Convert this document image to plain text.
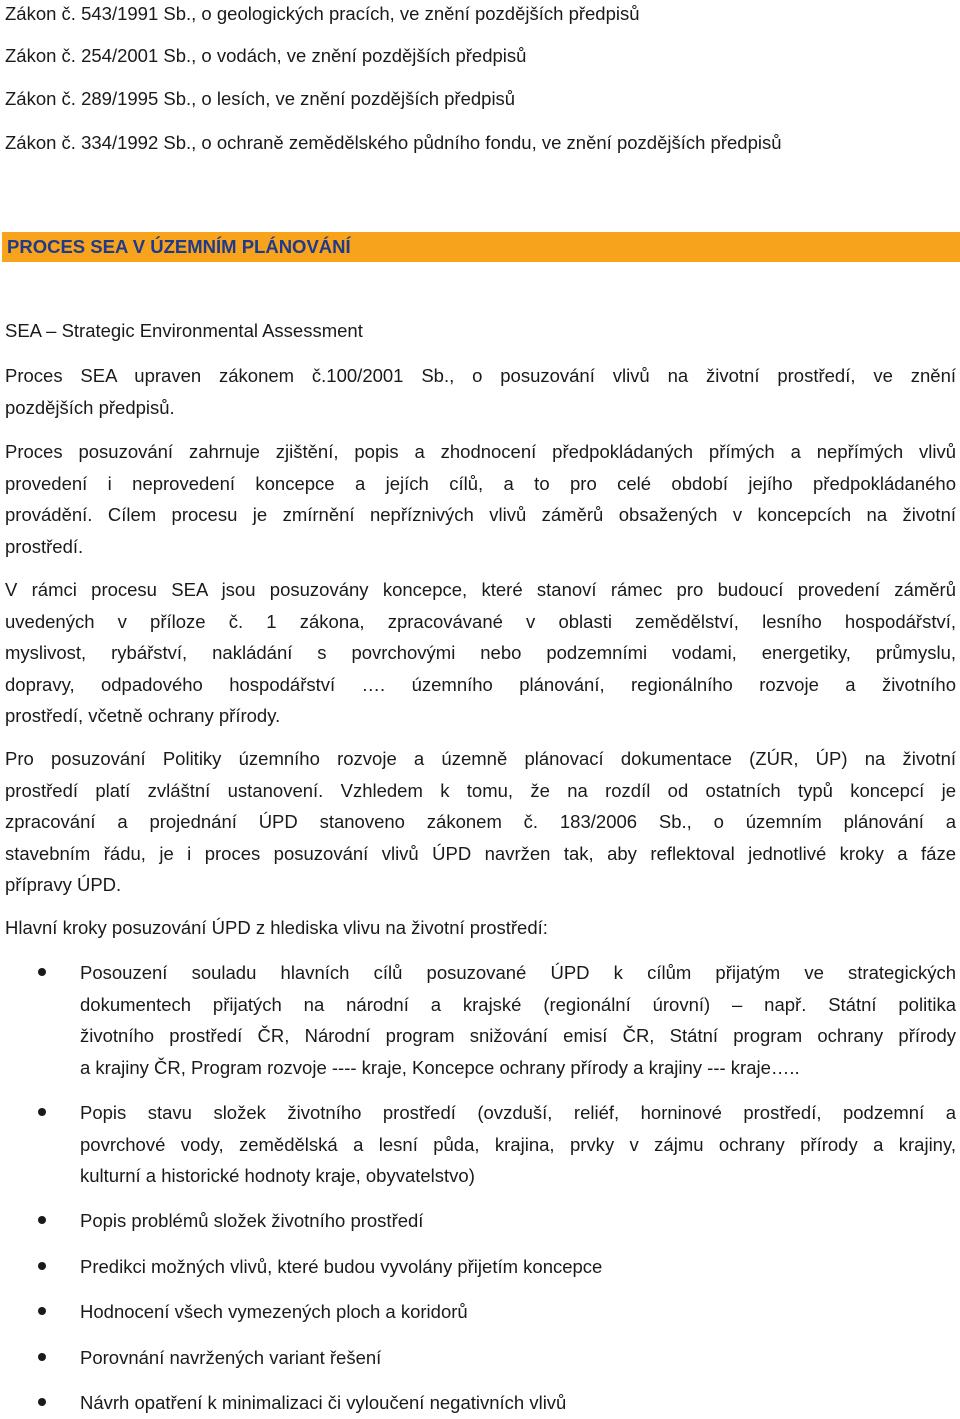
Zákon č. 543/1991 Sb., o geologických pracích, ve znění pozdějších předpisů
Zákon č. 254/2001 Sb., o vodách, ve znění pozdějších předpisů
Zákon č. 289/1995 Sb., o lesích, ve znění pozdějších předpisů
Zákon č. 334/1992 Sb., o ochraně zemědělského půdního fondu, ve znění pozdějších předpisů
PROCES SEA V ÚZEMNÍM PLÁNOVÁNÍ
SEA – Strategic Environmental Assessment
Proces SEA upraven zákonem č.100/2001 Sb., o posuzování vlivů na životní prostředí, ve znění
pozdějších předpisů.
Proces posuzování zahrnuje zjištění, popis a zhodnocení předpokládaných přímých a nepřímých vlivů
provedení i neprovedení koncepce a jejích cílů, a to pro celé období jejího předpokládaného
provádění. Cílem procesu je zmírnění nepříznivých vlivů záměrů obsažených v koncepcích na životní
prostředí.
V rámci procesu SEA jsou posuzovány koncepce, které stanoví rámec pro budoucí provedení záměrů
uvedených v příloze č. 1 zákona, zpracovávané v oblasti zemědělství, lesního hospodářství,
myslivost, rybářství, nakládání s povrchovými nebo podzemními vodami, energetiky, průmyslu,
dopravy, odpadového hospodářství …. územního plánování, regionálního rozvoje a životního
prostředí, včetně ochrany přírody.
Pro posuzování Politiky územního rozvoje a územně plánovací dokumentace (ZÚR, ÚP) na životní
prostředí platí zvláštní ustanovení. Vzhledem k tomu, že na rozdíl od ostatních typů koncepcí je
zpracování a projednání ÚPD stanoveno zákonem č. 183/2006 Sb., o územním plánování a
stavebním řádu, je i proces posuzování vlivů ÚPD navržen tak, aby reflektoval jednotlivé kroky a fáze
přípravy ÚPD.
Hlavní kroky posuzování ÚPD z hlediska vlivu na životní prostředí:
Posouzení souladu hlavních cílů posuzované ÚPD k cílům přijatým ve strategických
dokumentech přijatých na národní a krajské (regionální úrovní) – např. Státní politika
životního prostředí ČR, Národní program snižování emisí ČR, Státní program ochrany přírody
a krajiny ČR, Program rozvoje ---- kraje, Koncepce ochrany přírody a krajiny --- kraje…..
Popis stavu složek životního prostředí (ovzduší, reliéf, horninové prostředí, podzemní a
povrchové vody, zemědělská a lesní půda, krajina, prvky v zájmu ochrany přírody a krajiny,
kulturní a historické hodnoty kraje, obyvatelstvo)
Popis problémů složek životního prostředí
Predikci možných vlivů, které budou vyvolány přijetím koncepce
Hodnocení všech vymezených ploch a koridorů
Porovnání navržených variant řešení
Návrh opatření k minimalizaci či vyloučení negativních vlivů
